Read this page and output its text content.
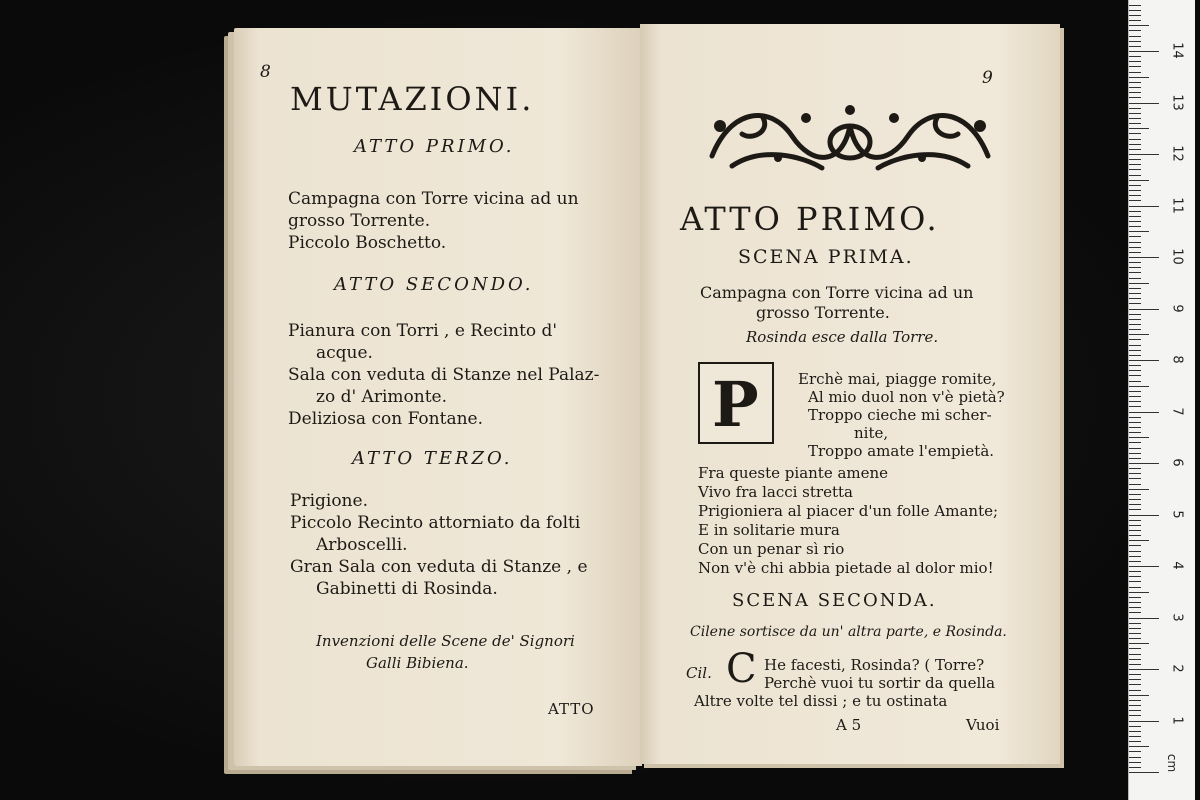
cm
1
2
3
4
5
6
7
8
9
10
11
12
13
14
8
MUTAZIONI.
ATTO PRIMO.
Campagna con Torre vicina ad un
grosso Torrente.
Piccolo Boschetto.
ATTO SECONDO.
Pianura con Torri , e Recinto d'
acque.
Sala con veduta di Stanze nel Palaz-
zo d' Arimonte.
Deliziosa con Fontane.
ATTO TERZO.
Prigione.
Piccolo Recinto attorniato da folti
Arboscelli.
Gran Sala con veduta di Stanze , e
Gabinetti di Rosinda.
Invenzioni delle Scene de' Signori
Galli Bibiena.
ATTO
9
ATTO PRIMO.
SCENA PRIMA.
Campagna con Torre vicina ad un
grosso Torrente.
Rosinda esce dalla Torre.
P	Erchè mai, piagge romite,
Al mio duol non v'è pietà?
Troppo cieche mi scher-
nite,
Troppo amate l'empietà.
Fra queste piante amene
Vivo fra lacci stretta
Prigioniera al piacer d'un folle Amante;
E in solitarie mura
Con un penar sì rio
Non v'è chi abbia pietade al dolor mio!
SCENA SECONDA.
Cilene sortisce da un' altra parte, e Rosinda.
Cil. C He facesti, Rosinda? ( Torre?
Perchè vuoi tu sortir da quella
Altre volte tel dissi ; e tu ostinata
A 5	Vuoi
